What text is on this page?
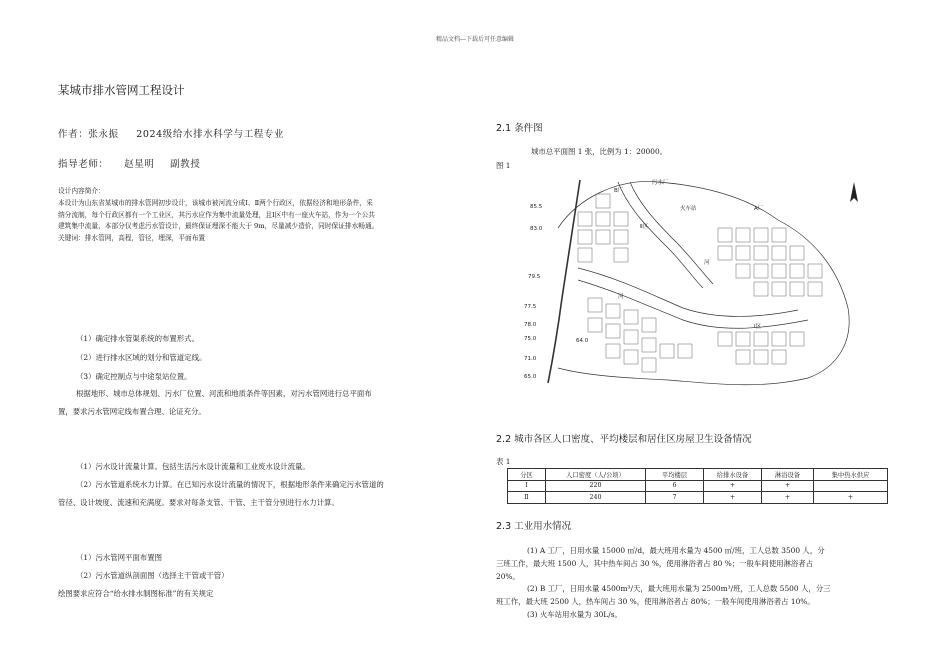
精品文档---下载后可任意编辑
某城市排水管网工程设计
作者：张永振 2024级给水排水科学与工程专业
指导老师： 赵星明 副教授
设计内容简介：
本设计为山东省某城市的排水管网初步设计，该城市被河流分成Ⅰ、Ⅱ两个行政区，依据经济和地形条件，采
纳分流制，每个行政区都有一个工业区，其污水应作为集中流量处理，且Ⅰ区中有一座火车站，作为一个公共
建筑集中流量，本部分仅考虑污水管设计，最终保证埋深不能大于 9m，尽量减少造价，同时保证排水畅通。
关键词：排水管网，高程，管径，埋深，平面布置
（1）确定排水管渠系统的布置形式。
（2）进行排水区域的划分和管道定线。
（3）确定控制点与中途泵站位置。
根据地形、城市总体规划、污水厂位置、河流和地质条件等因素，对污水管网进行总平面布
置，要求污水管网定线布置合理、论证充分。
（1）污水设计流量计算。包括生活污水设计流量和工业废水设计流量。
（2）污水管道系统水力计算。在已知污水设计流量的情况下，根据地形条件来确定污水管道的
管径、设计坡度、流速和充满度。要求对每条支管、干管、主干管分别进行水力计算。
（1）污水管网平面布置图
（2）污水管道纵剖面图（选择主干管或干管）
绘图要求应符合“给水排水制图标准”的有关规定
2.1 条件图
城市总平面图 1 张，比例为 1：20000。
图 1
B厂
A厂
Ⅱ区
Ⅰ区
河
河
污水厂
火车站
85.5
83.0
79.5
77.5
78.0
75.0
71.0
65.0
64.0
2.2 城市各区人口密度、平均楼层和居住区房屋卫生设备情况
表 1
分区	人口密度（人/公顷）	平均楼层	给排水设备	淋浴设备	集中热水供应
Ⅰ	220	6	+	+	
Ⅱ	240	7	+	+	+
2.3 工业用水情况
(1) A 工厂，日用水量 15000 ㎡/d，最大班用水量为 4500 ㎡/班，工人总数 3500 人，分
三班工作，最大班 1500 人，其中热车间占 30 %，使用淋浴者占 80 %；一般车间使用淋浴者占
20%。
(2) B 工厂，日用水量 4500m³/天，最大班用水量为 2500m³/班，工人总数 5500 人，分三
班工作，最大班 2500 人，热车间占 30 %，使用淋浴者占 80%；一般车间使用淋浴者占 10%。
(3) 火车站用水量为 30L/s。
